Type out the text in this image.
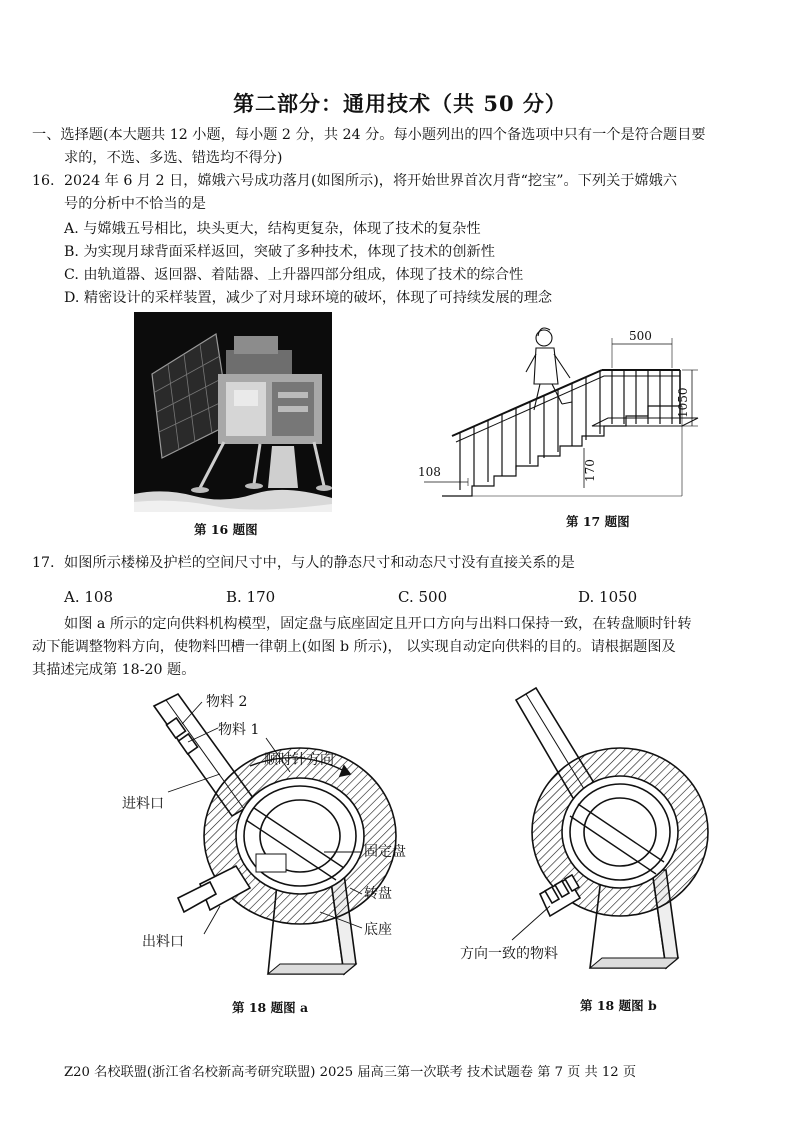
第二部分：通用技术（共 50 分）
一、选择题(本大题共 12 小题，每小题 2 分，共 24 分。每小题列出的四个备选项中只有一个是符合题目要
求的，不选、多选、错选均不得分)
16. 2024 年 6 月 2 日，嫦娥六号成功落月(如图所示)，将开始世界首次月背“挖宝”。下列关于嫦娥六
号的分析中不恰当的是
A. 与嫦娥五号相比，块头更大，结构更复杂，体现了技术的复杂性
B. 为实现月球背面采样返回，突破了多种技术，体现了技术的创新性
C. 由轨道器、返回器、着陆器、上升器四部分组成，体现了技术的综合性
D. 精密设计的采样装置，减少了对月球环境的破坏，体现了可持续发展的理念
第 16 题图
500
1050
170
108
第 17 题图
17. 如图所示楼梯及护栏的空间尺寸中，与人的静态尺寸和动态尺寸没有直接关系的是
A. 108	B. 170	C. 500	D. 1050
如图 a 所示的定向供料机构模型，固定盘与底座固定且开口方向与出料口保持一致，在转盘顺时针转
动下能调整物料方向，使物料凹槽一律朝上(如图 b 所示)， 以实现自动定向供料的目的。请根据题图及
其描述完成第 18-20 题。
物料 2
物料 1
顺时针方向
进料口
固定盘
转盘
底座
出料口
第 18 题图 a
方向一致的物料
第 18 题图 b
Z20 名校联盟(浙江省名校新高考研究联盟) 2025 届高三第一次联考 技术试题卷 第 7 页 共 12 页
